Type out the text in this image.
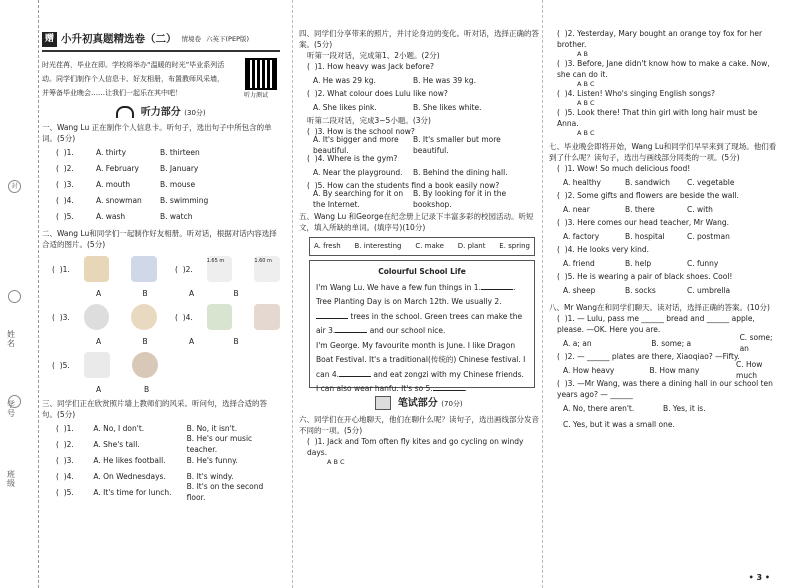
班级
学号
姓名
封
赠 小升初真题精选卷（二） 情境卷 六英下(PEP版)
时光荏苒，毕业在即。学校将举办“温暖的时光”毕业系列活动。同学们制作个人信息卡、好友相册，布置教师风采墙，并筹备毕业晚会……让我们一起乐在其中吧！	听力测试
听力部分 (30分)
一、Wang Lu 正在制作个人信息卡。听句子，选出句子中所包含的单词。(5分)
(  )1.	A. thirty	B. thirteen
(  )2.	A. February	B. January
(  )3.	A. mouth	B. mouse
(  )4.	A. snowman	B. swimming
(  )5.	A. wash	B. watch
二、Wang Lu和同学们一起制作好友相册。听对话，根据对话内容选择合适的图片。(5分)
(  )1.	(  )2.
1.65 m	1.60 m
A	B	A	B
(  )3.	(  )4.
A	B	A	B
(  )5.
A	B
三、同学们正在欣赏照片墙上教师们的风采。听问句，选择合适的答句。(5分)
(  )1.	A. No, I don't.	B. No, it isn't.
(  )2.	A. She's tall.
B. He's our music teacher.
(  )3.	A. He likes football.	B. He's funny.
(  )4.	A. On Wednesdays.	B. It's windy.
(  )5.	A. It's time for lunch.
B. It's on the second floor.
四、同学们分享带来的照片，并讨论身边的变化。听对话，选择正确的答案。(5分)
听第一段对话，完成第1、2小题。(2分)
(  )1. How heavy was Jack before?
A. He was 29 kg.	B. He was 39 kg.
(  )2. What colour does Lulu like now?
A. She likes pink.	B. She likes white.
听第二段对话，完成3~5小题。(3分)
(  )3. How is the school now?
A. It's bigger and more beautiful.
B. It's smaller but more beautiful.
(  )4. Where is the gym?
A. Near the playground.	B. Behind the dining hall.
(  )5. How can the students find a book easily now?
A. By searching for it on the Internet.
B. By looking for it in the bookshop.
五、Wang Lu 和George在纪念册上记录下丰富多彩的校园活动。听短文，填入所缺的单词。(填序号)(10分)
A. fresh B. interesting C. make D. plant E. spring
Colourful School Life
I'm Wang Lu. We have a few fun things in 1.	. Tree Planting Day is on March 12th. We usually 2. trees in the school. Green trees can make the air 3.	and our school nice.
I'm George. My favourite month is June. I like Dragon Boat Festival. It's a traditional(传统的) Chinese festival. I can 4.	and eat zongzi with my Chinese friends. I can also wear hanfu. It's so 5.	.
笔试部分 (70分)
六、同学们在开心地聊天，他们在聊什么呢？读句子，选出画线部分发音不同的一项。(5分)
(  )1. Jack and Tom often fly kites and go cycling on windy days.
A B C
(  )2. Yesterday, Mary bought an orange toy fox for her brother.
A B
(  )3. Before, Jane didn't know how to make a cake. Now, she can do it.
A B C
(  )4. Listen! Who's singing English songs?
A B C
(  )5. Look there! That thin girl with long hair must be Anna.
A B C
七、毕业晚会即将开始，Wang Lu和同学们早早来到了现场。他们看到了什么呢？读句子，选出与画线部分同类的一项。(5分)
(  )1. Wow! So much delicious food!
A. healthy	B. sandwich	C. vegetable
(  )2. Some gifts and flowers are beside the wall.
A. near	B. there	C. with
(  )3. Here comes our head teacher, Mr Wang.
A. factory	B. hospital	C. postman
(  )4. He looks very kind.
A. friend	B. help	C. funny
(  )5. He is wearing a pair of black shoes. Cool!
A. sheep	B. socks	C. umbrella
八、Mr Wang在和同学们聊天。读对话，选择正确的答案。(10分)
(  )1. — Lulu, pass me ______ bread and ______ apple, please. —OK. Here you are.
A. a; an	B. some; a
C. some; an
(  )2. — ______ plates are there, Xiaoqiao? —Fifty.
A. How heavy	B. How many
C. How much
(  )3. —Mr Wang, was there a dining hall in our school ten years ago? — ______
A. No, there aren't.	B. Yes, it is.
C. Yes, but it was a small one.
• 3 •
